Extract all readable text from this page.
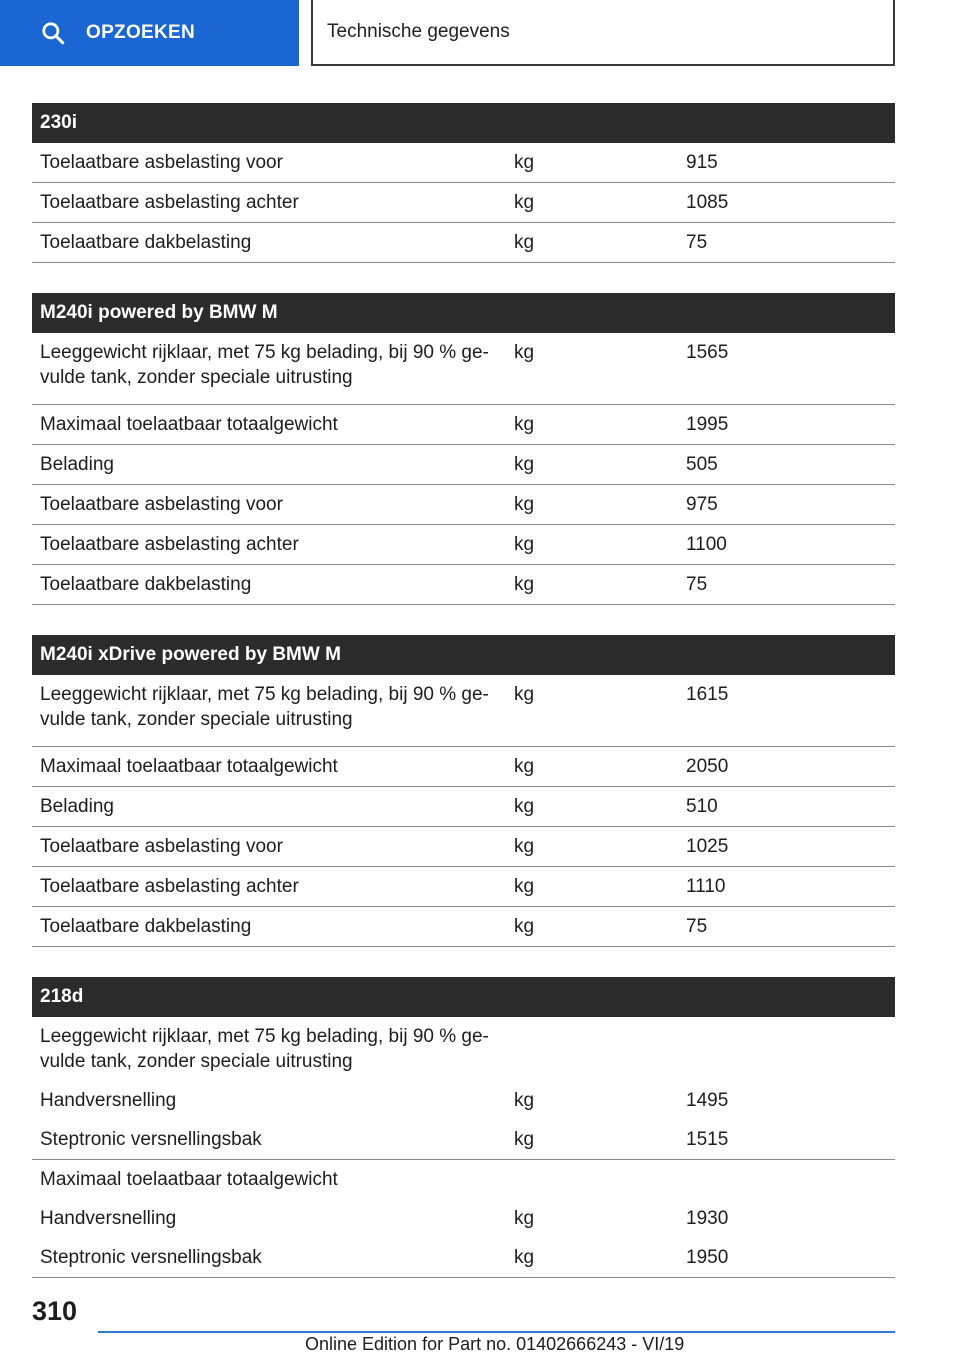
OPZOEKEN	Technische gegevens
230i		
Toelaatbare asbelasting voor	kg	915
Toelaatbare asbelasting achter	kg	1085
Toelaatbare dakbelasting	kg	75
M240i powered by BMW M		
Leeggewicht rijklaar, met 75 kg belading, bij 90 % ge-
vulde tank, zonder speciale uitrusting	kg	1565
Maximaal toelaatbaar totaalgewicht	kg	1995
Belading	kg	505
Toelaatbare asbelasting voor	kg	975
Toelaatbare asbelasting achter	kg	1100
Toelaatbare dakbelasting	kg	75
M240i xDrive powered by BMW M		
Leeggewicht rijklaar, met 75 kg belading, bij 90 % ge-
vulde tank, zonder speciale uitrusting	kg	1615
Maximaal toelaatbaar totaalgewicht	kg	2050
Belading	kg	510
Toelaatbare asbelasting voor	kg	1025
Toelaatbare asbelasting achter	kg	1110
Toelaatbare dakbelasting	kg	75
218d		
Leeggewicht rijklaar, met 75 kg belading, bij 90 % ge-
vulde tank, zonder speciale uitrusting		
Handversnelling	kg	1495
Steptronic versnellingsbak	kg	1515
Maximaal toelaatbaar totaalgewicht		
Handversnelling	kg	1930
Steptronic versnellingsbak	kg	1950
310
Online Edition for Part no. 01402666243 - VI/19
